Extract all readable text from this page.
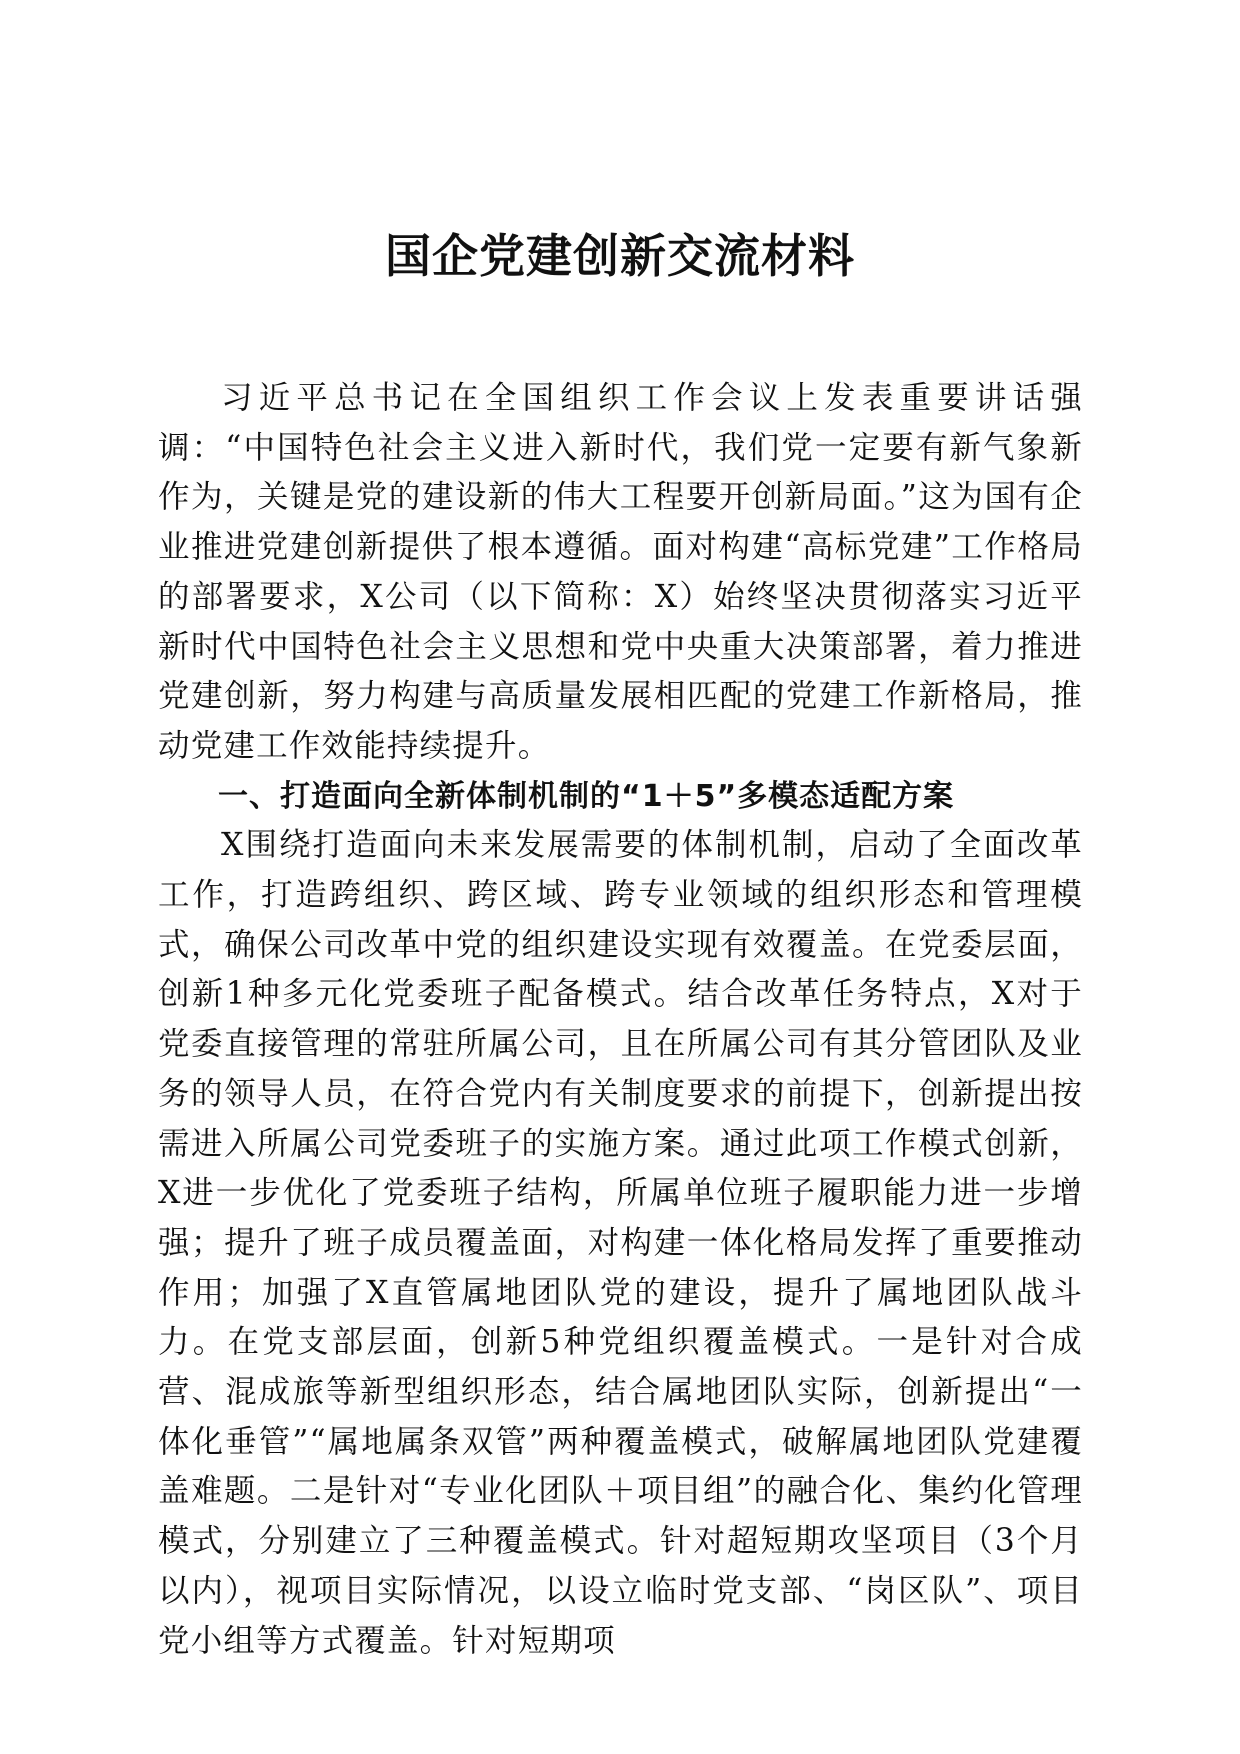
国企党建创新交流材料

习近平总书记在全国组织工作会议上发表重要讲话强调：“中国特色社会主义进入新时代，我们党一定要有新气象新作为，关键是党的建设新的伟大工程要开创新局面。”这为国有企业推进党建创新提供了根本遵循。面对构建“高标党建”工作格局的部署要求，X公司（以下简称：X）始终坚决贯彻落实习近平新时代中国特色社会主义思想和党中央重大决策部署，着力推进党建创新，努力构建与高质量发展相匹配的党建工作新格局，推动党建工作效能持续提升。

一、打造面向全新体制机制的“1＋5”多模态适配方案

X围绕打造面向未来发展需要的体制机制，启动了全面改革工作，打造跨组织、跨区域、跨专业领域的组织形态和管理模式，确保公司改革中党的组织建设实现有效覆盖。在党委层面，创新1种多元化党委班子配备模式。结合改革任务特点，X对于党委直接管理的常驻所属公司，且在所属公司有其分管团队及业务的领导人员，在符合党内有关制度要求的前提下，创新提出按需进入所属公司党委班子的实施方案。通过此项工作模式创新，X进一步优化了党委班子结构，所属单位班子履职能力进一步增强；提升了班子成员覆盖面，对构建一体化格局发挥了重要推动作用；加强了X直管属地团队党的建设，提升了属地团队战斗力。在党支部层面，创新5种党组织覆盖模式。一是针对合成营、混成旅等新型组织形态，结合属地团队实际，创新提出“一体化垂管”“属地属条双管”两种覆盖模式，破解属地团队党建覆盖难题。二是针对“专业化团队＋项目组”的融合化、集约化管理模式，分别建立了三种覆盖模式。针对超短期攻坚项目（3个月以内），视项目实际情况，以设立临时党支部、“岗区队”、项目党小组等方式覆盖。针对短期项
